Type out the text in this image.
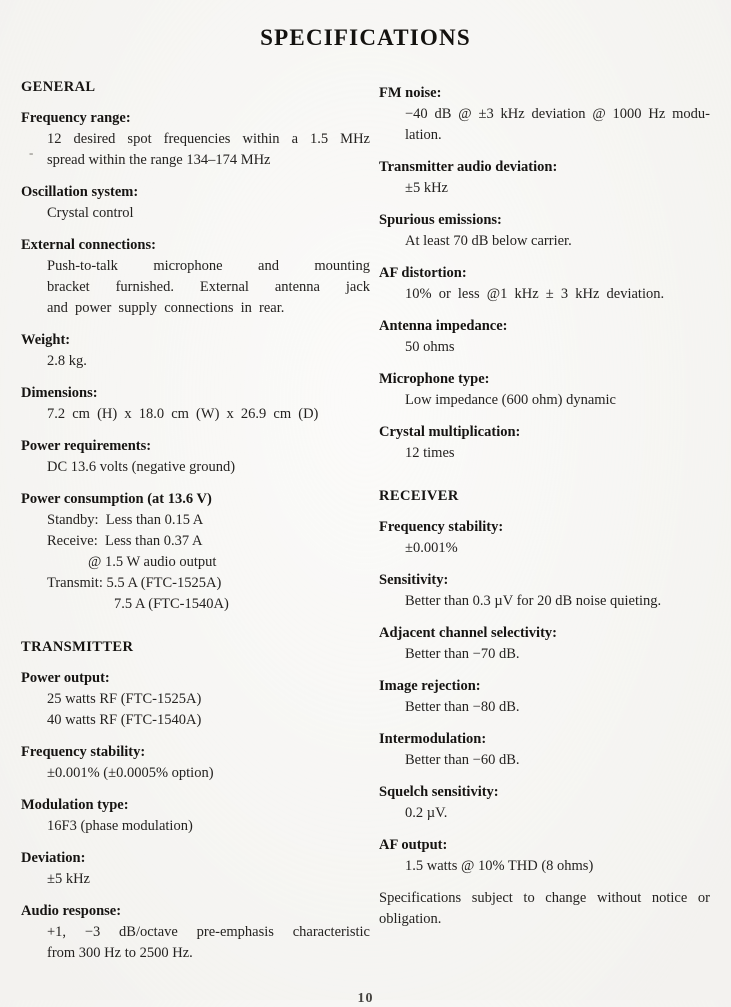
SPECIFICATIONS
-
GENERAL
Frequency range:
12 desired spot frequencies within a 1.5 MHz
spread within the range 134–174 MHz
Oscillation system:
Crystal control
External connections:
Push-to-talk microphone and mounting
bracket furnished. External antenna jack
and power supply connections in rear.
Weight:
2.8 kg.
Dimensions:
7.2 cm (H) x 18.0 cm (W) x 26.9 cm (D)
Power requirements:
DC 13.6 volts (negative ground)
Power consumption (at 13.6 V)
Standby:  Less than 0.15 A
Receive:  Less than 0.37 A
@ 1.5 W audio output
Transmit: 5.5 A (FTC-1525A)
7.5 A (FTC-1540A)
TRANSMITTER
Power output:
25 watts RF (FTC-1525A)
40 watts RF (FTC-1540A)
Frequency stability:
±0.001% (±0.0005% option)
Modulation type:
16F3 (phase modulation)
Deviation:
±5 kHz
Audio response:
+1, −3 dB/octave pre-emphasis characteristic
from 300 Hz to 2500 Hz.
FM noise:
−40 dB @ ±3 kHz deviation @ 1000 Hz modu-
lation.
Transmitter audio deviation:
±5 kHz
Spurious emissions:
At least 70 dB below carrier.
AF distortion:
10% or less @1 kHz ± 3 kHz deviation.
Antenna impedance:
50 ohms
Microphone type:
Low impedance (600 ohm) dynamic
Crystal multiplication:
12 times
RECEIVER
Frequency stability:
±0.001%
Sensitivity:
Better than 0.3 µV for 20 dB noise quieting.
Adjacent channel selectivity:
Better than −70 dB.
Image rejection:
Better than −80 dB.
Intermodulation:
Better than −60 dB.
Squelch sensitivity:
0.2 µV.
AF output:
1.5 watts @ 10% THD (8 ohms)
Specifications subject to change without notice or
obligation.
10
